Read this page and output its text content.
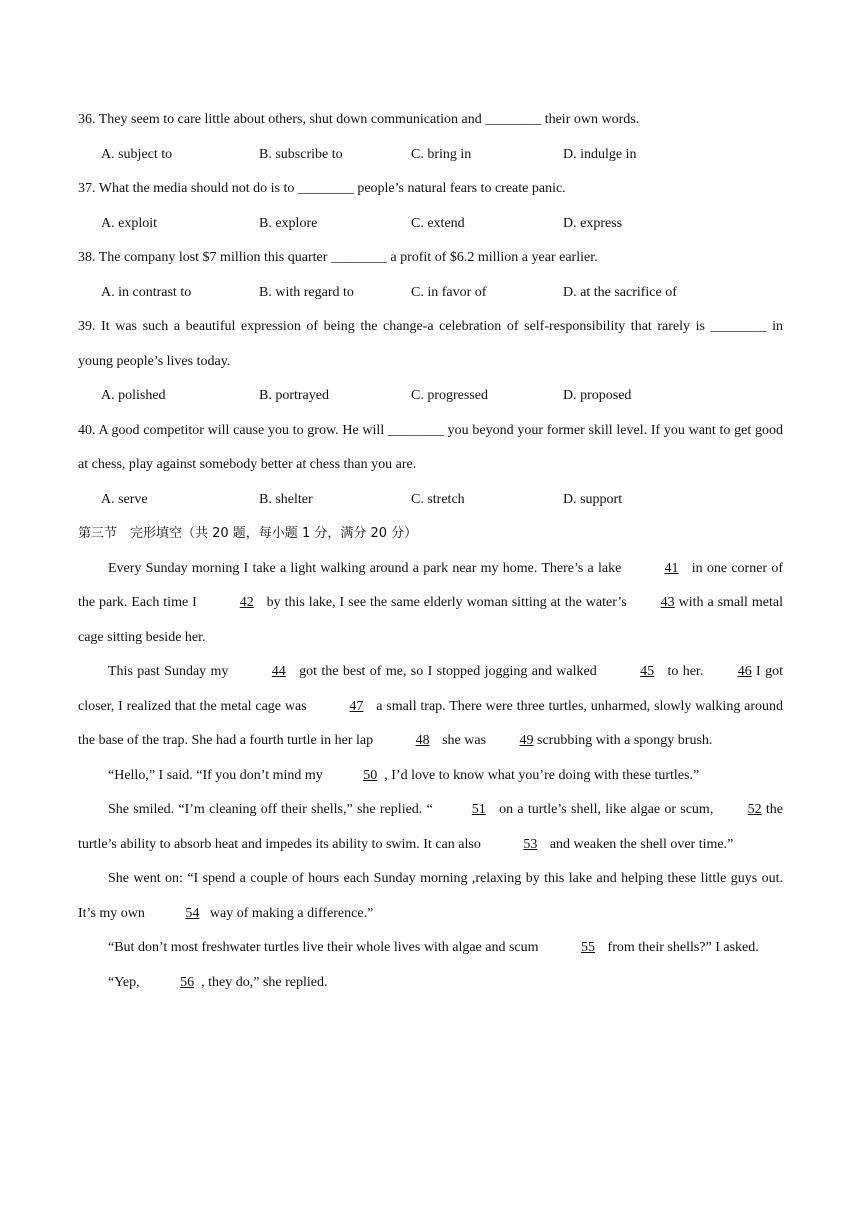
36. They seem to care little about others, shut down communication and ________ their own words.

A. subject to	B. subscribe to	C. bring in	D. indulge in

37. What the media should not do is to ________ people’s natural fears to create panic.

A. exploit	B. explore	C. extend	D. express

38. The company lost $7 million this quarter ________ a profit of $6.2 million a year earlier.

A. in contrast to	B. with regard to	C. in favor of	D. at the sacrifice of

39. It was such a beautiful expression of being the change-a celebration of self-responsibility that rarely is ________ in young people’s lives today.

A. polished	B. portrayed	C. progressed	D. proposed

40. A good competitor will cause you to grow. He will ________ you beyond your former skill level. If you want to get good at chess, play against somebody better at chess than you are.

A. serve	B. shelter	C. stretch	D. support

第三节　完形填空（共 20 题，每小题 1 分，满分 20 分）

Every Sunday morning I take a light walking around a park near my home. There’s a lake	41 in one corner of the park. Each time I	42 by this lake, I see the same elderly woman sitting at the water’s 43 with a small metal cage sitting beside her.

This past Sunday my	44 got the best of me, so I stopped jogging and walked	45 to her. 46 I got closer, I realized that the metal cage was	47 a small trap. There were three turtles, unharmed, slowly walking around the base of the trap. She had a fourth turtle in her lap	48 she was 49 scrubbing with a spongy brush.

“Hello,” I said. “If you don’t mind my	50 , I’d love to know what you’re doing with these turtles.”

She smiled. “I’m cleaning off their shells,” she replied. “	51 on a turtle’s shell, like algae or scum, 52 the turtle’s ability to absorb heat and impedes its ability to swim. It can also	53 and weaken the shell over time.”

She went on: “I spend a couple of hours each Sunday morning ,relaxing by this lake and helping these little guys out. It’s my own	54 way of making a difference.”

“But don’t most freshwater turtles live their whole lives with algae and scum	55 from their shells?” I asked.

“Yep,	56 , they do,” she replied.
